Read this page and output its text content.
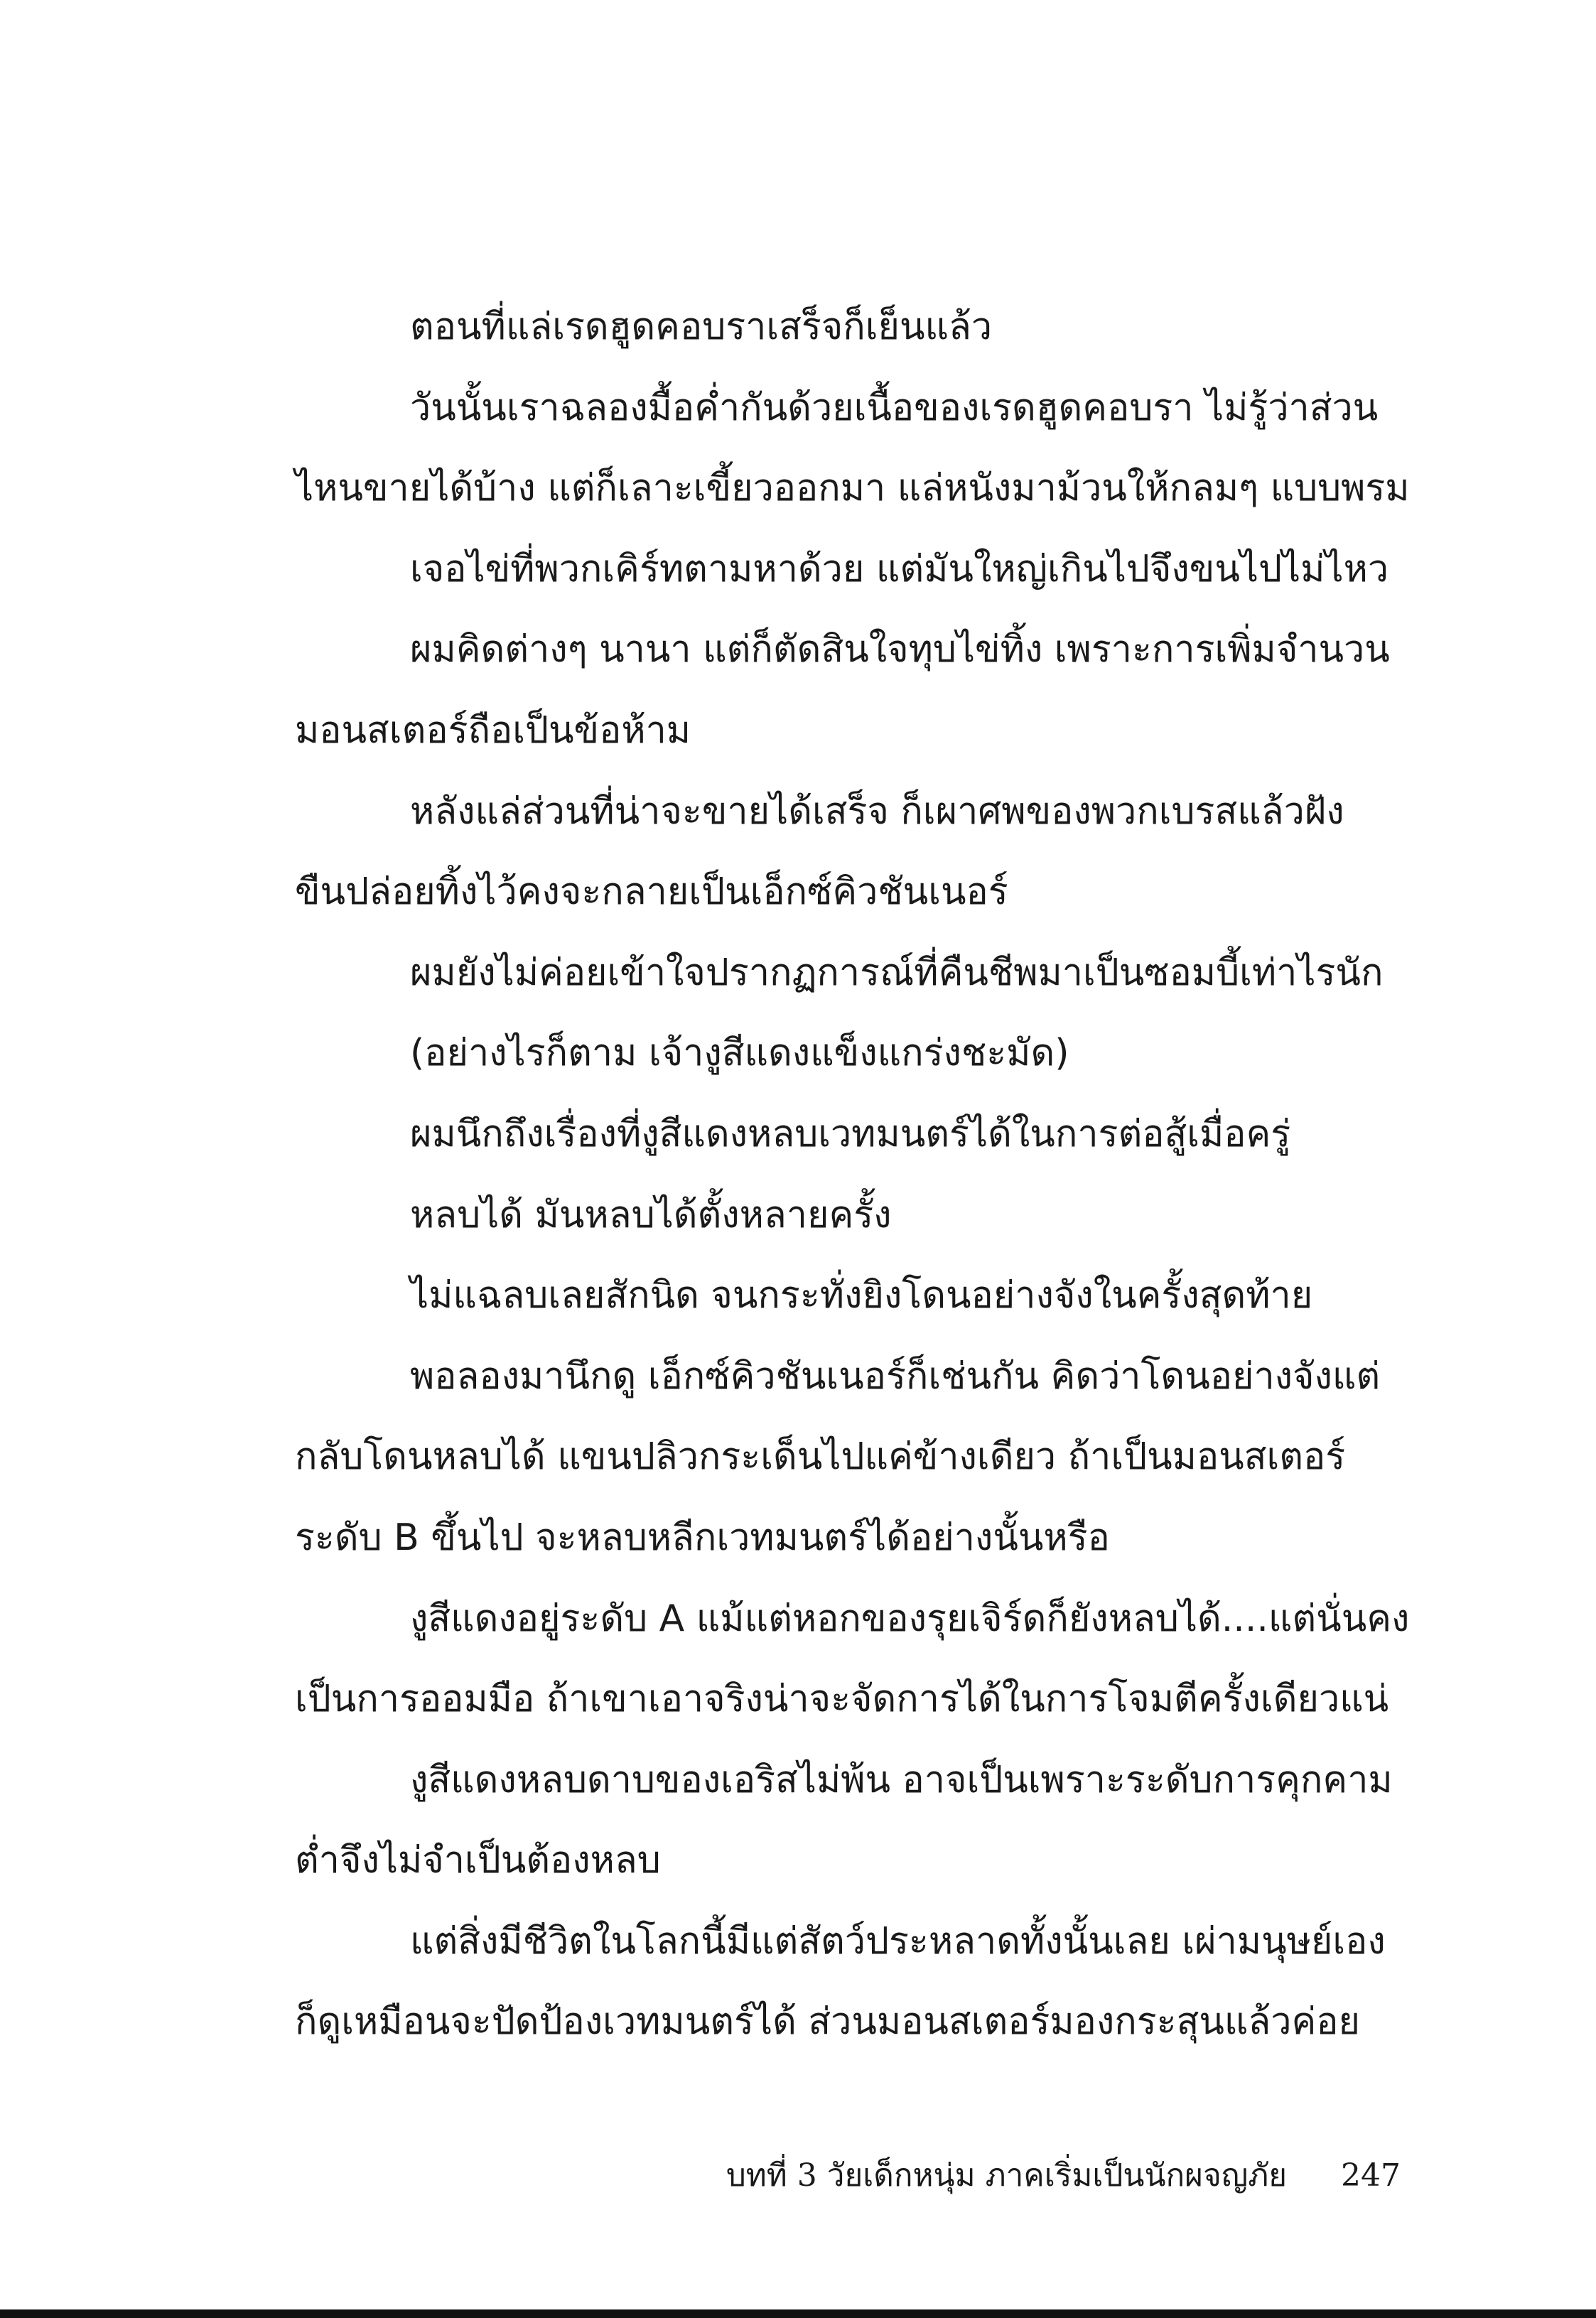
ตอนที่แล่เรดฮูดคอบราเสร็จก็เย็นแล้ว
วันนั้นเราฉลองมื้อค่ำกันด้วยเนื้อของเรดฮูดคอบรา ไม่รู้ว่าส่วน
ไหนขายได้บ้าง แต่ก็เลาะเขี้ยวออกมา แล่หนังมาม้วนให้กลมๆ แบบพรม
เจอไข่ที่พวกเคิร์ทตามหาด้วย แต่มันใหญ่เกินไปจึงขนไปไม่ไหว
ผมคิดต่างๆ นานา แต่ก็ตัดสินใจทุบไข่ทิ้ง เพราะการเพิ่มจำนวน
มอนสเตอร์ถือเป็นข้อห้าม
หลังแล่ส่วนที่น่าจะขายได้เสร็จ ก็เผาศพของพวกเบรสแล้วฝัง
ขืนปล่อยทิ้งไว้คงจะกลายเป็นเอ็กซ์คิวชันเนอร์
ผมยังไม่ค่อยเข้าใจปรากฏการณ์ที่คืนชีพมาเป็นซอมบี้เท่าไรนัก
(อย่างไรก็ตาม เจ้างูสีแดงแข็งแกร่งชะมัด)
ผมนึกถึงเรื่องที่งูสีแดงหลบเวทมนตร์ได้ในการต่อสู้เมื่อครู่
หลบได้ มันหลบได้ตั้งหลายครั้ง
ไม่แฉลบเลยสักนิด จนกระทั่งยิงโดนอย่างจังในครั้งสุดท้าย
พอลองมานึกดู เอ็กซ์คิวชันเนอร์ก็เช่นกัน คิดว่าโดนอย่างจังแต่
กลับโดนหลบได้ แขนปลิวกระเด็นไปแค่ข้างเดียว ถ้าเป็นมอนสเตอร์
ระดับ B ขึ้นไป จะหลบหลีกเวทมนตร์ได้อย่างนั้นหรือ
งูสีแดงอยู่ระดับ A แม้แต่หอกของรุยเจิร์ดก็ยังหลบได้....แต่นั่นคง
เป็นการออมมือ ถ้าเขาเอาจริงน่าจะจัดการได้ในการโจมตีครั้งเดียวแน่
งูสีแดงหลบดาบของเอริสไม่พ้น อาจเป็นเพราะระดับการคุกคาม
ต่ำจึงไม่จำเป็นต้องหลบ
แต่สิ่งมีชีวิตในโลกนี้มีแต่สัตว์ประหลาดทั้งนั้นเลย เผ่ามนุษย์เอง
ก็ดูเหมือนจะปัดป้องเวทมนตร์ได้ ส่วนมอนสเตอร์มองกระสุนแล้วค่อย
บทที่ 3 วัยเด็กหนุ่ม ภาคเริ่มเป็นนักผจญภัย 247
